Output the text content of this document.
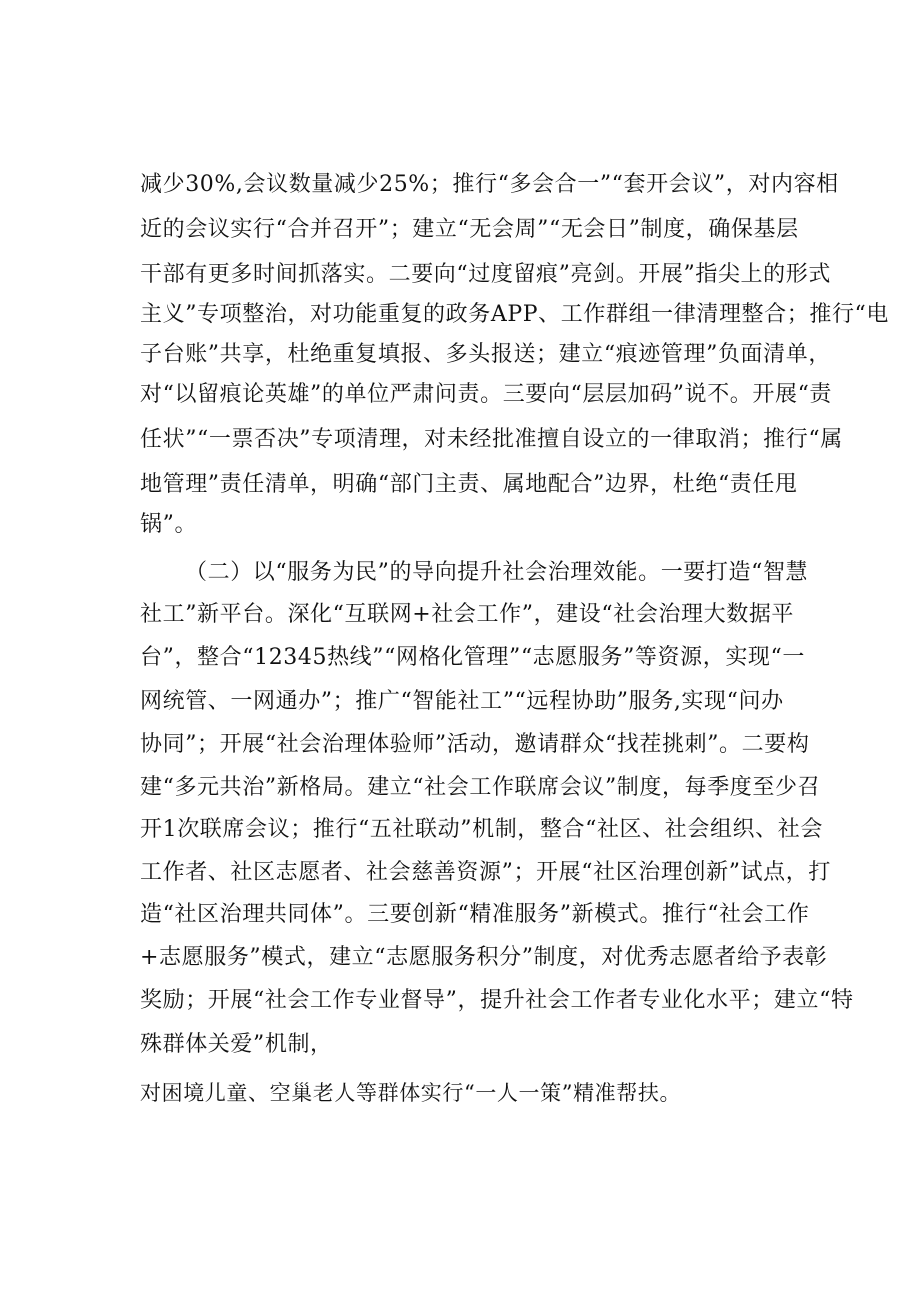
减少30%,会议数量减少25%；推行“多会合一”“套开会议”，对内容相
近的会议实行“合并召开”；建立“无会周”“无会日”制度，确保基层
干部有更多时间抓落实。二要向“过度留痕”亮剑。开展”指尖上的形式
主义”专项整治，对功能重复的政务APP、工作群组一律清理整合；推行“电
子台账”共享，杜绝重复填报、多头报送；建立“痕迹管理”负面清单，
对“以留痕论英雄”的单位严肃问责。三要向“层层加码”说不。开展“责
任状”“一票否决”专项清理，对未经批准擅自设立的一律取消；推行“属
地管理”责任清单，明确“部门主责、属地配合”边界，杜绝“责任甩
锅”。
（二）以“服务为民”的导向提升社会治理效能。一要打造“智慧
社工”新平台。深化“互联网+社会工作”，建设“社会治理大数据平
台”，整合“12345热线”“网格化管理”“志愿服务”等资源，实现“一
网统管、一网通办”；推广“智能社工”“远程协助”服务,实现“问办
协同”；开展“社会治理体验师”活动，邀请群众“找茬挑刺”。二要构
建“多元共治”新格局。建立“社会工作联席会议”制度，每季度至少召
开1次联席会议；推行“五社联动”机制，整合“社区、社会组织、社会
工作者、社区志愿者、社会慈善资源”；开展“社区治理创新”试点，打
造“社区治理共同体”。三要创新“精准服务”新模式。推行“社会工作
+志愿服务”模式，建立“志愿服务积分”制度，对优秀志愿者给予表彰
奖励；开展“社会工作专业督导”，提升社会工作者专业化水平；建立“特
殊群体关爱”机制，
对困境儿童、空巢老人等群体实行“一人一策”精准帮扶。
